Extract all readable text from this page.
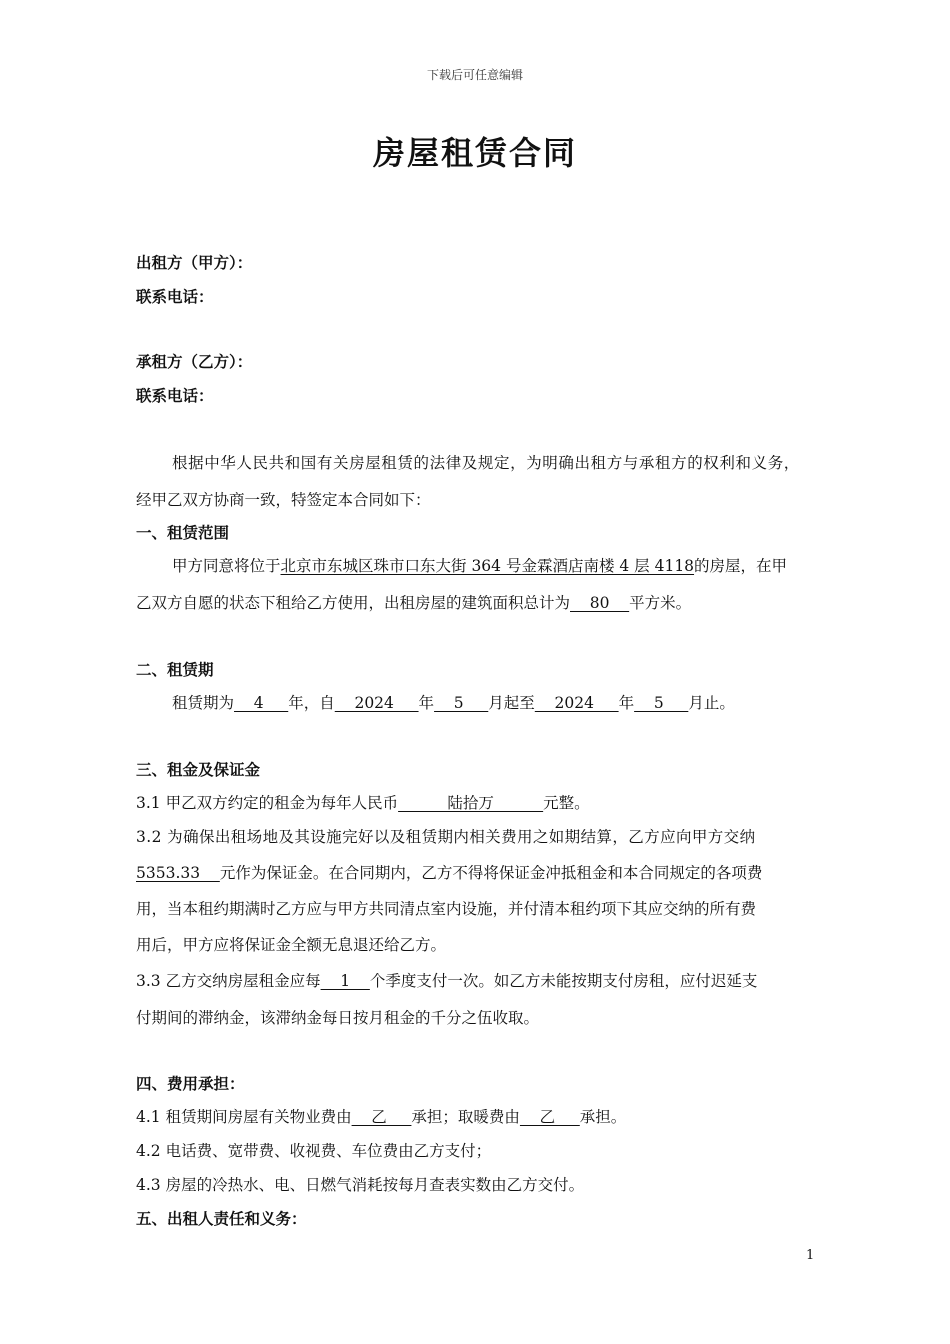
下载后可任意编辑
房屋租赁合同
出租方（甲方）：
联系电话：
承租方（乙方）：
联系电话：
根据中华人民共和国有关房屋租赁的法律及规定，为明确出租方与承租方的权利和义务，
经甲乙双方协商一致，特签定本合同如下：
一、租赁范围
甲方同意将位于北京市东城区珠市口东大街 364 号金霖酒店南楼 4 层 4118的房屋，在甲
乙双方自愿的状态下租给乙方使用，出租房屋的建筑面积总计为    80    平方米。
二、租赁期
租赁期为    4     年，自    2024     年    5     月起至    2024     年    5     月止。
三、租金及保证金
3.1 甲乙双方约定的租金为每年人民币          陆拾万          元整。
3.2 为确保出租场地及其设施完好以及租赁期内相关费用之如期结算，乙方应向甲方交纳
5353.33    元作为保证金。在合同期内，乙方不得将保证金冲抵租金和本合同规定的各项费
用，当本租约期满时乙方应与甲方共同清点室内设施，并付清本租约项下其应交纳的所有费
用后，甲方应将保证金全额无息退还给乙方。
3.3 乙方交纳房屋租金应每    1    个季度支付一次。如乙方未能按期支付房租，应付迟延支
付期间的滞纳金，该滞纳金每日按月租金的千分之伍收取。
四、费用承担：
4.1 租赁期间房屋有关物业费由    乙     承担；取暖费由    乙     承担。
4.2 电话费、宽带费、收视费、车位费由乙方支付；
4.3 房屋的冷热水、电、日燃气消耗按每月查表实数由乙方交付。
五、出租人责任和义务：
1
